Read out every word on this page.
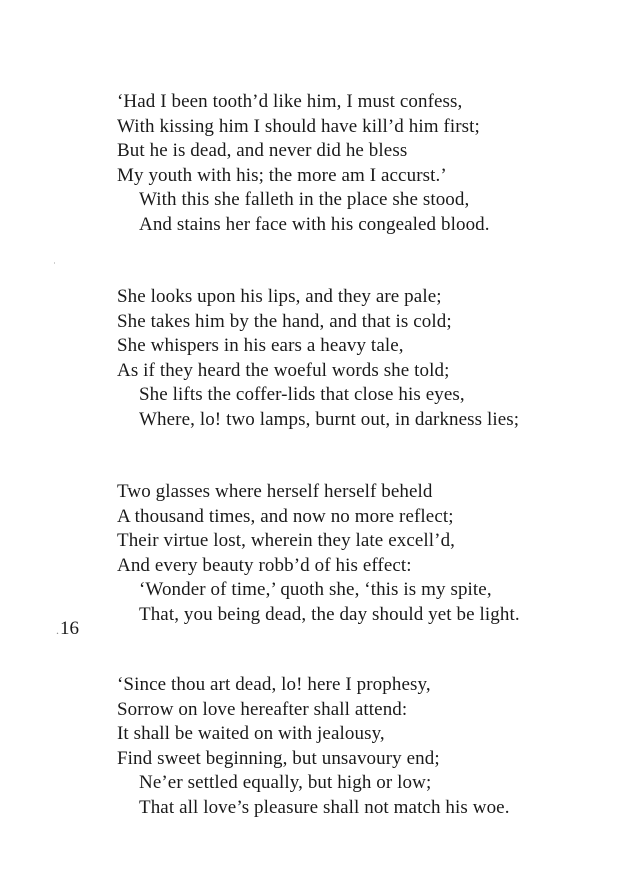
‘Had I been tooth’d like him, I must confess,
With kissing him I should have kill’d him first;
But he is dead, and never did he bless
My youth with his; the more am I accurst.’
With this she falleth in the place she stood,
And stains her face with his congealed blood.
She looks upon his lips, and they are pale;
She takes him by the hand, and that is cold;
She whispers in his ears a heavy tale,
As if they heard the woeful words she told;
She lifts the coffer-lids that close his eyes,
Where, lo! two lamps, burnt out, in darkness lies;
Two glasses where herself herself beheld
A thousand times, and now no more reflect;
Their virtue lost, wherein they late excell’d,
And every beauty robb’d of his effect:
‘Wonder of time,’ quoth she, ‘this is my spite,
That, you being dead, the day should yet be light.
.16
‘Since thou art dead, lo! here I prophesy,
Sorrow on love hereafter shall attend:
It shall be waited on with jealousy,
Find sweet beginning, but unsavoury end;
Ne’er settled equally, but high or low;
That all love’s pleasure shall not match his woe.
